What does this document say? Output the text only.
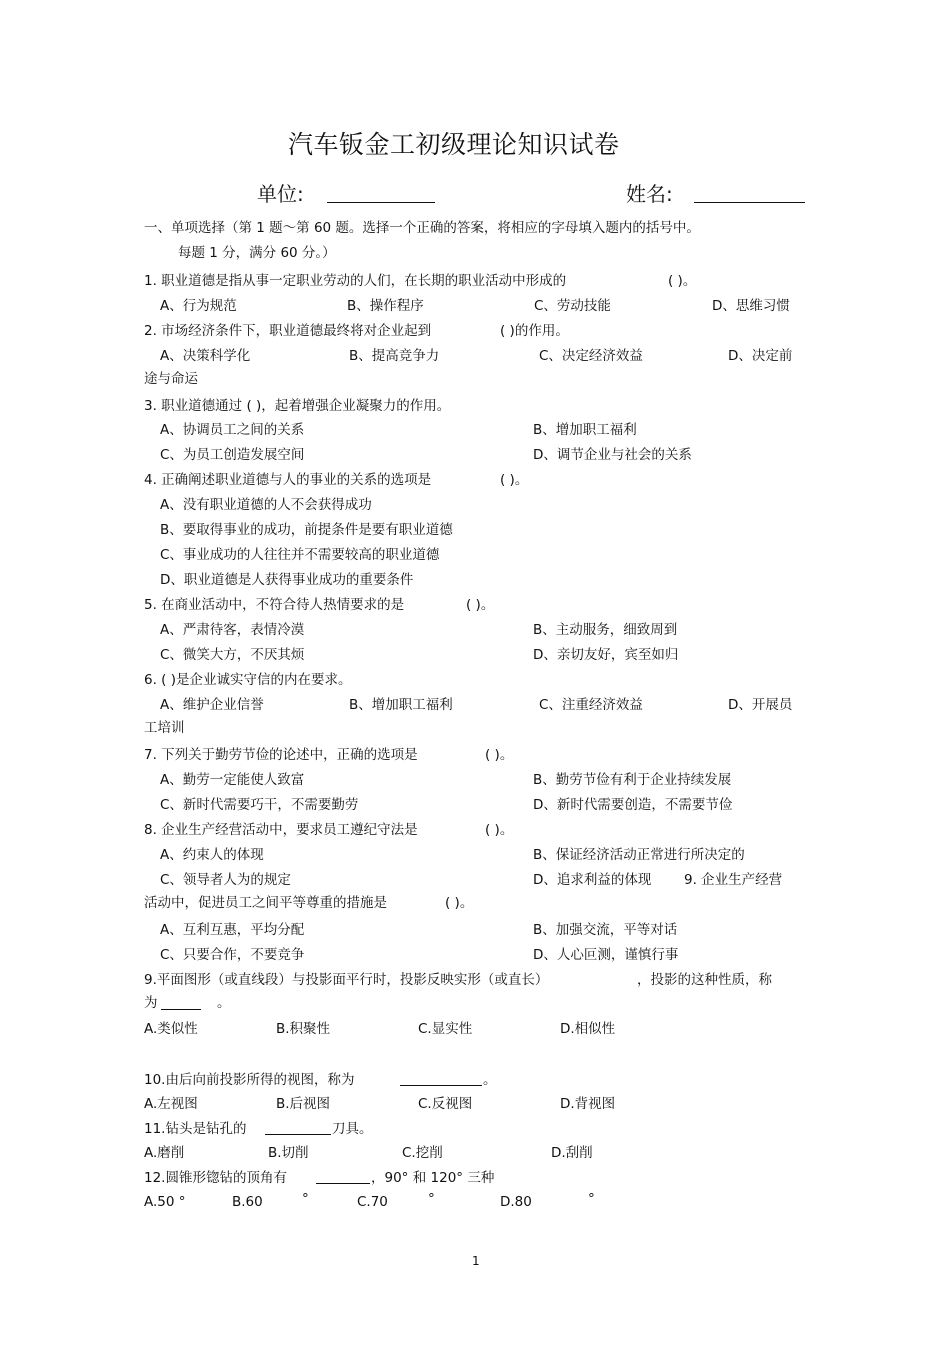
汽车钣金工初级理论知识试卷
单位:	姓名:
一、单项选择（第 1 题～第 60 题。选择一个正确的答案，将相应的字母填入题内的括号中。
每题 1 分，满分 60 分。）
1. 职业道德是指从事一定职业劳动的人们，在长期的职业活动中形成的	( )。
A、行为规范	B、操作程序	C、劳动技能	D、思维习惯
2. 市场经济条件下，职业道德最终将对企业起到	( )的作用。
A、决策科学化	B、提高竞争力	C、决定经济效益	D、决定前
途与命运
3. 职业道德通过 ( )，起着增强企业凝聚力的作用。
A、协调员工之间的关系	B、增加职工福利
C、为员工创造发展空间	D、调节企业与社会的关系
4. 正确阐述职业道德与人的事业的关系的选项是	( )。
A、没有职业道德的人不会获得成功
B、要取得事业的成功，前提条件是要有职业道德
C、事业成功的人往往并不需要较高的职业道德
D、职业道德是人获得事业成功的重要条件
5. 在商业活动中，不符合待人热情要求的是	( )。
A、严肃待客，表情冷漠	B、主动服务，细致周到
C、微笑大方，不厌其烦	D、亲切友好，宾至如归
6. ( )是企业诚实守信的内在要求。
A、维护企业信誉	B、增加职工福利	C、注重经济效益	D、开展员
工培训
7. 下列关于勤劳节俭的论述中，正确的选项是	( )。
A、勤劳一定能使人致富	B、勤劳节俭有利于企业持续发展
C、新时代需要巧干，不需要勤劳	D、新时代需要创造，不需要节俭
8. 企业生产经营活动中，要求员工遵纪守法是	( )。
A、约束人的体现	B、保证经济活动正常进行所决定的
C、领导者人为的规定	D、追求利益的体现 9. 企业生产经营
活动中，促进员工之间平等尊重的措施是	( )。
A、互利互惠，平均分配	B、加强交流，平等对话
C、只要合作，不要竞争	D、人心叵测，谨慎行事
9.平面图形（或直线段）与投影面平行时，投影反映实形（或直长）	，投影的这种性质，称
为	。
A.类似性	B.积聚性	C.显实性	D.相似性
10.由后向前投影所得的视图，称为	。
A.左视图	B.后视图	C.反视图	D.背视图
11.钻头是钻孔的	刀具。
A.磨削	B.切削	C.挖削	D.刮削
12.圆锥形锪钻的顶角有	，90° 和 120° 三种
A.50 °	B.60	°	C.70	°	D.80	°
1
